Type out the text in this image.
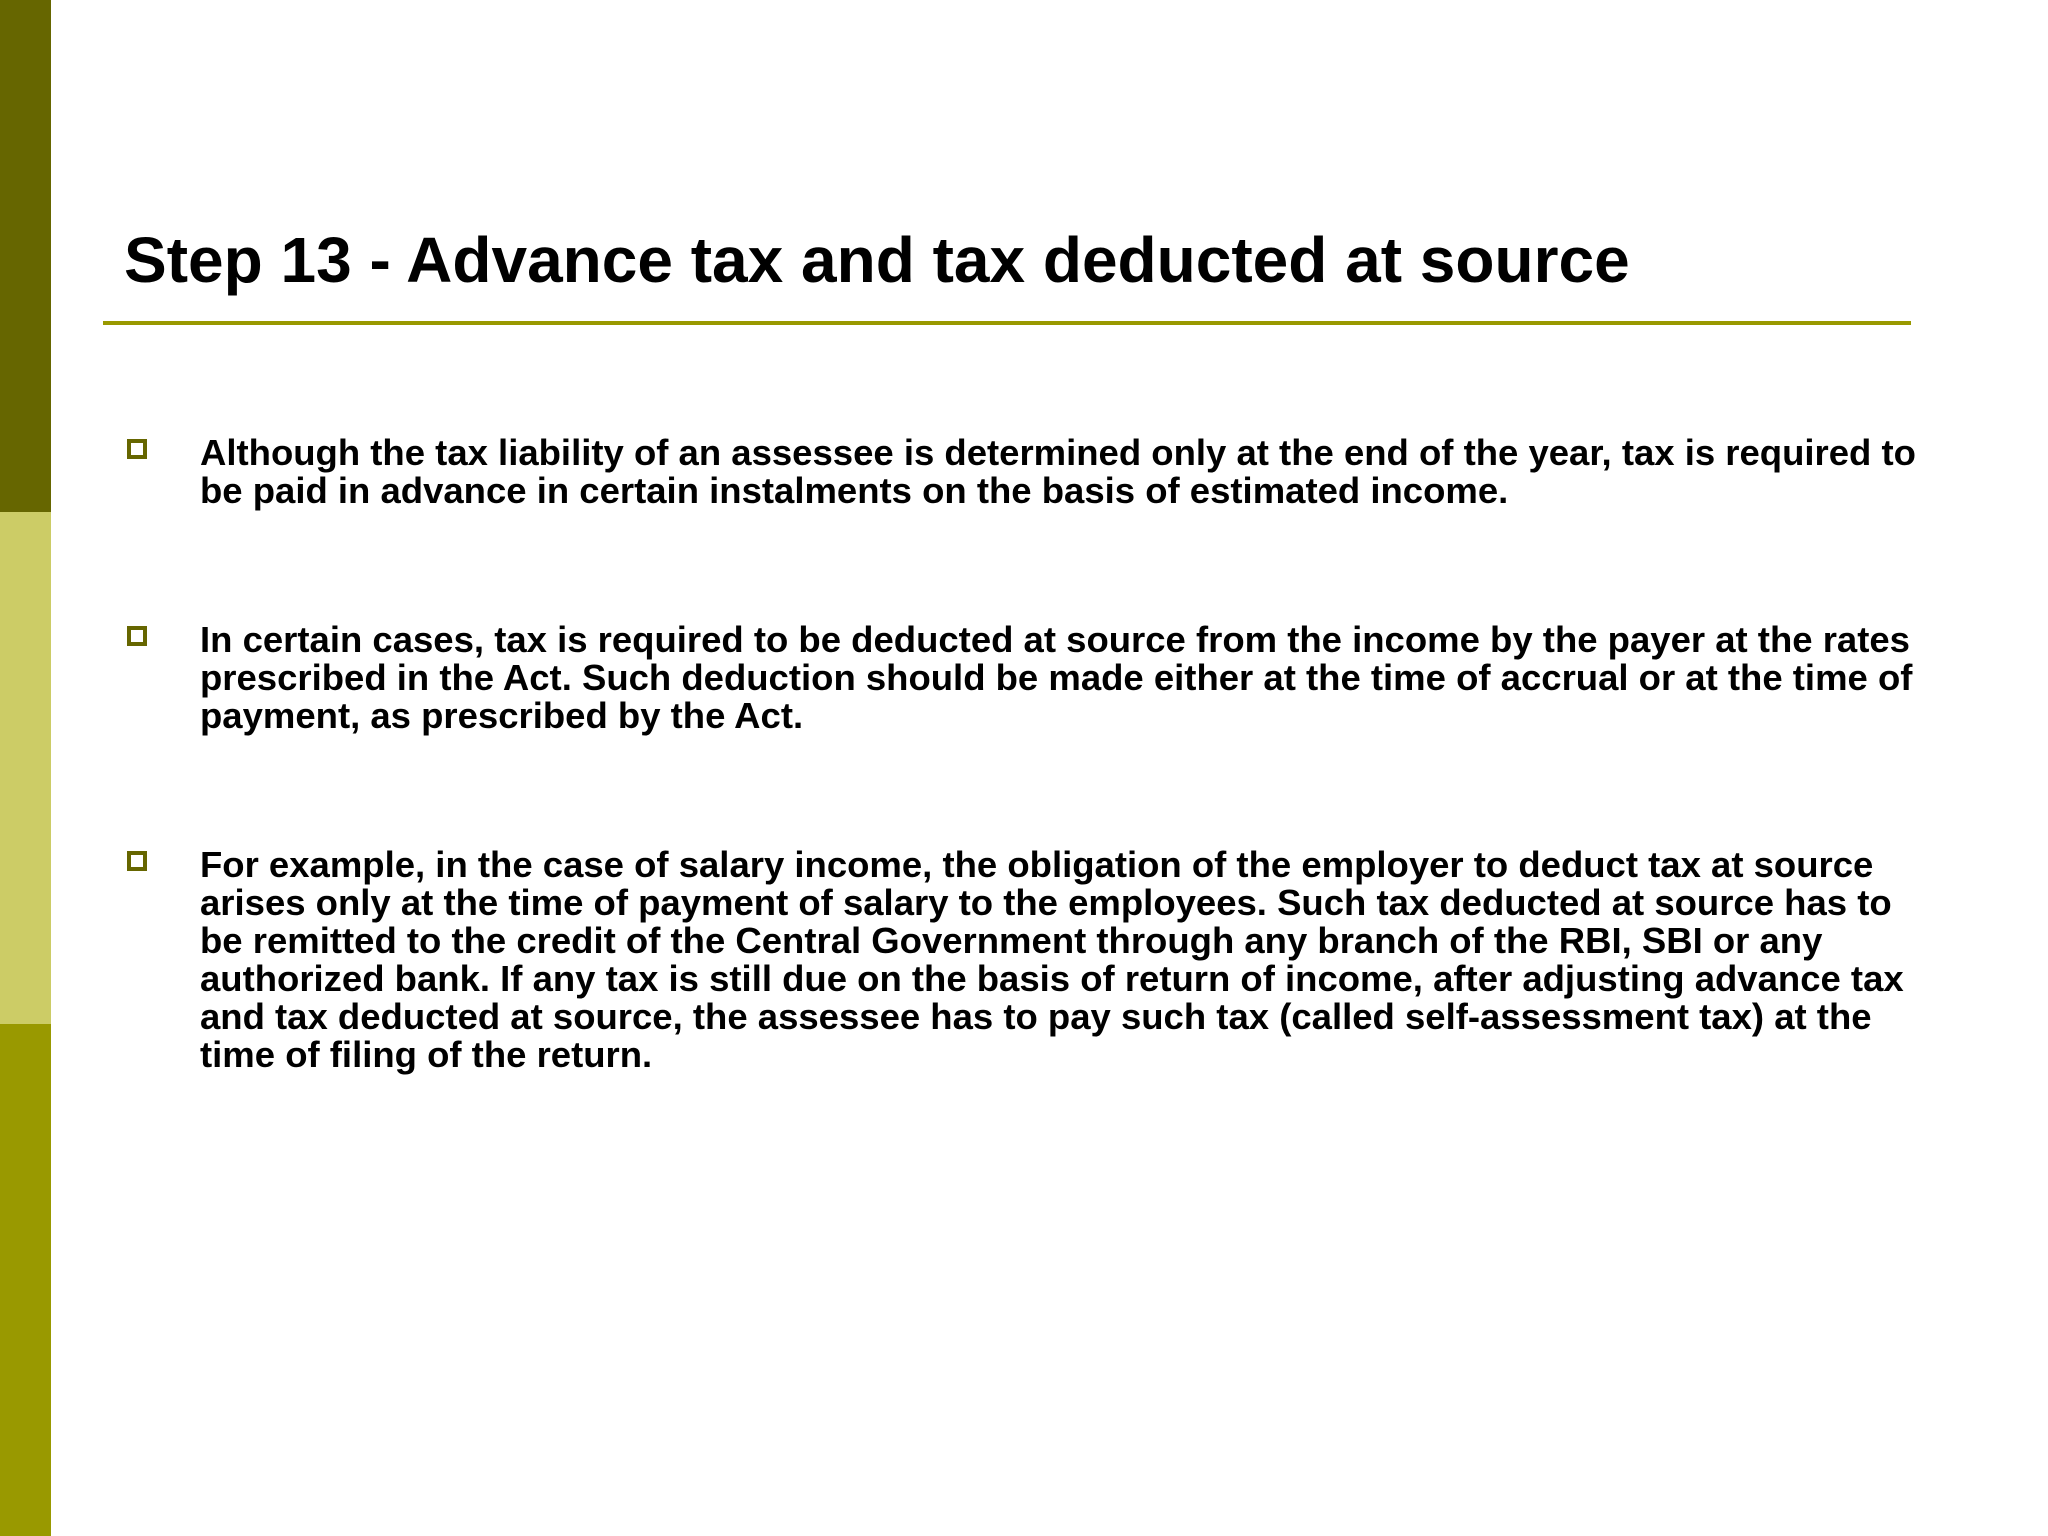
Step 13 - Advance tax and tax deducted at source
Although the tax liability of an assessee is determined only at the end of the year, tax is required to be paid in advance in certain instalments on the basis of estimated income.
In certain cases, tax is required to be deducted at source from the income by the payer at the rates prescribed in the Act. Such deduction should be made either at the time of accrual or at the time of payment, as prescribed by the Act.
For example, in the case of salary income, the obligation of the employer to deduct tax at source arises only at the time of payment of salary to the employees. Such tax deducted at source has to be remitted to the credit of the Central Government through any branch of the RBI, SBI or any authorized bank. If any tax is still due on the basis of return of income, after adjusting advance tax and tax deducted at source, the assessee has to pay such tax (called self-assessment tax) at the time of filing of the return.
